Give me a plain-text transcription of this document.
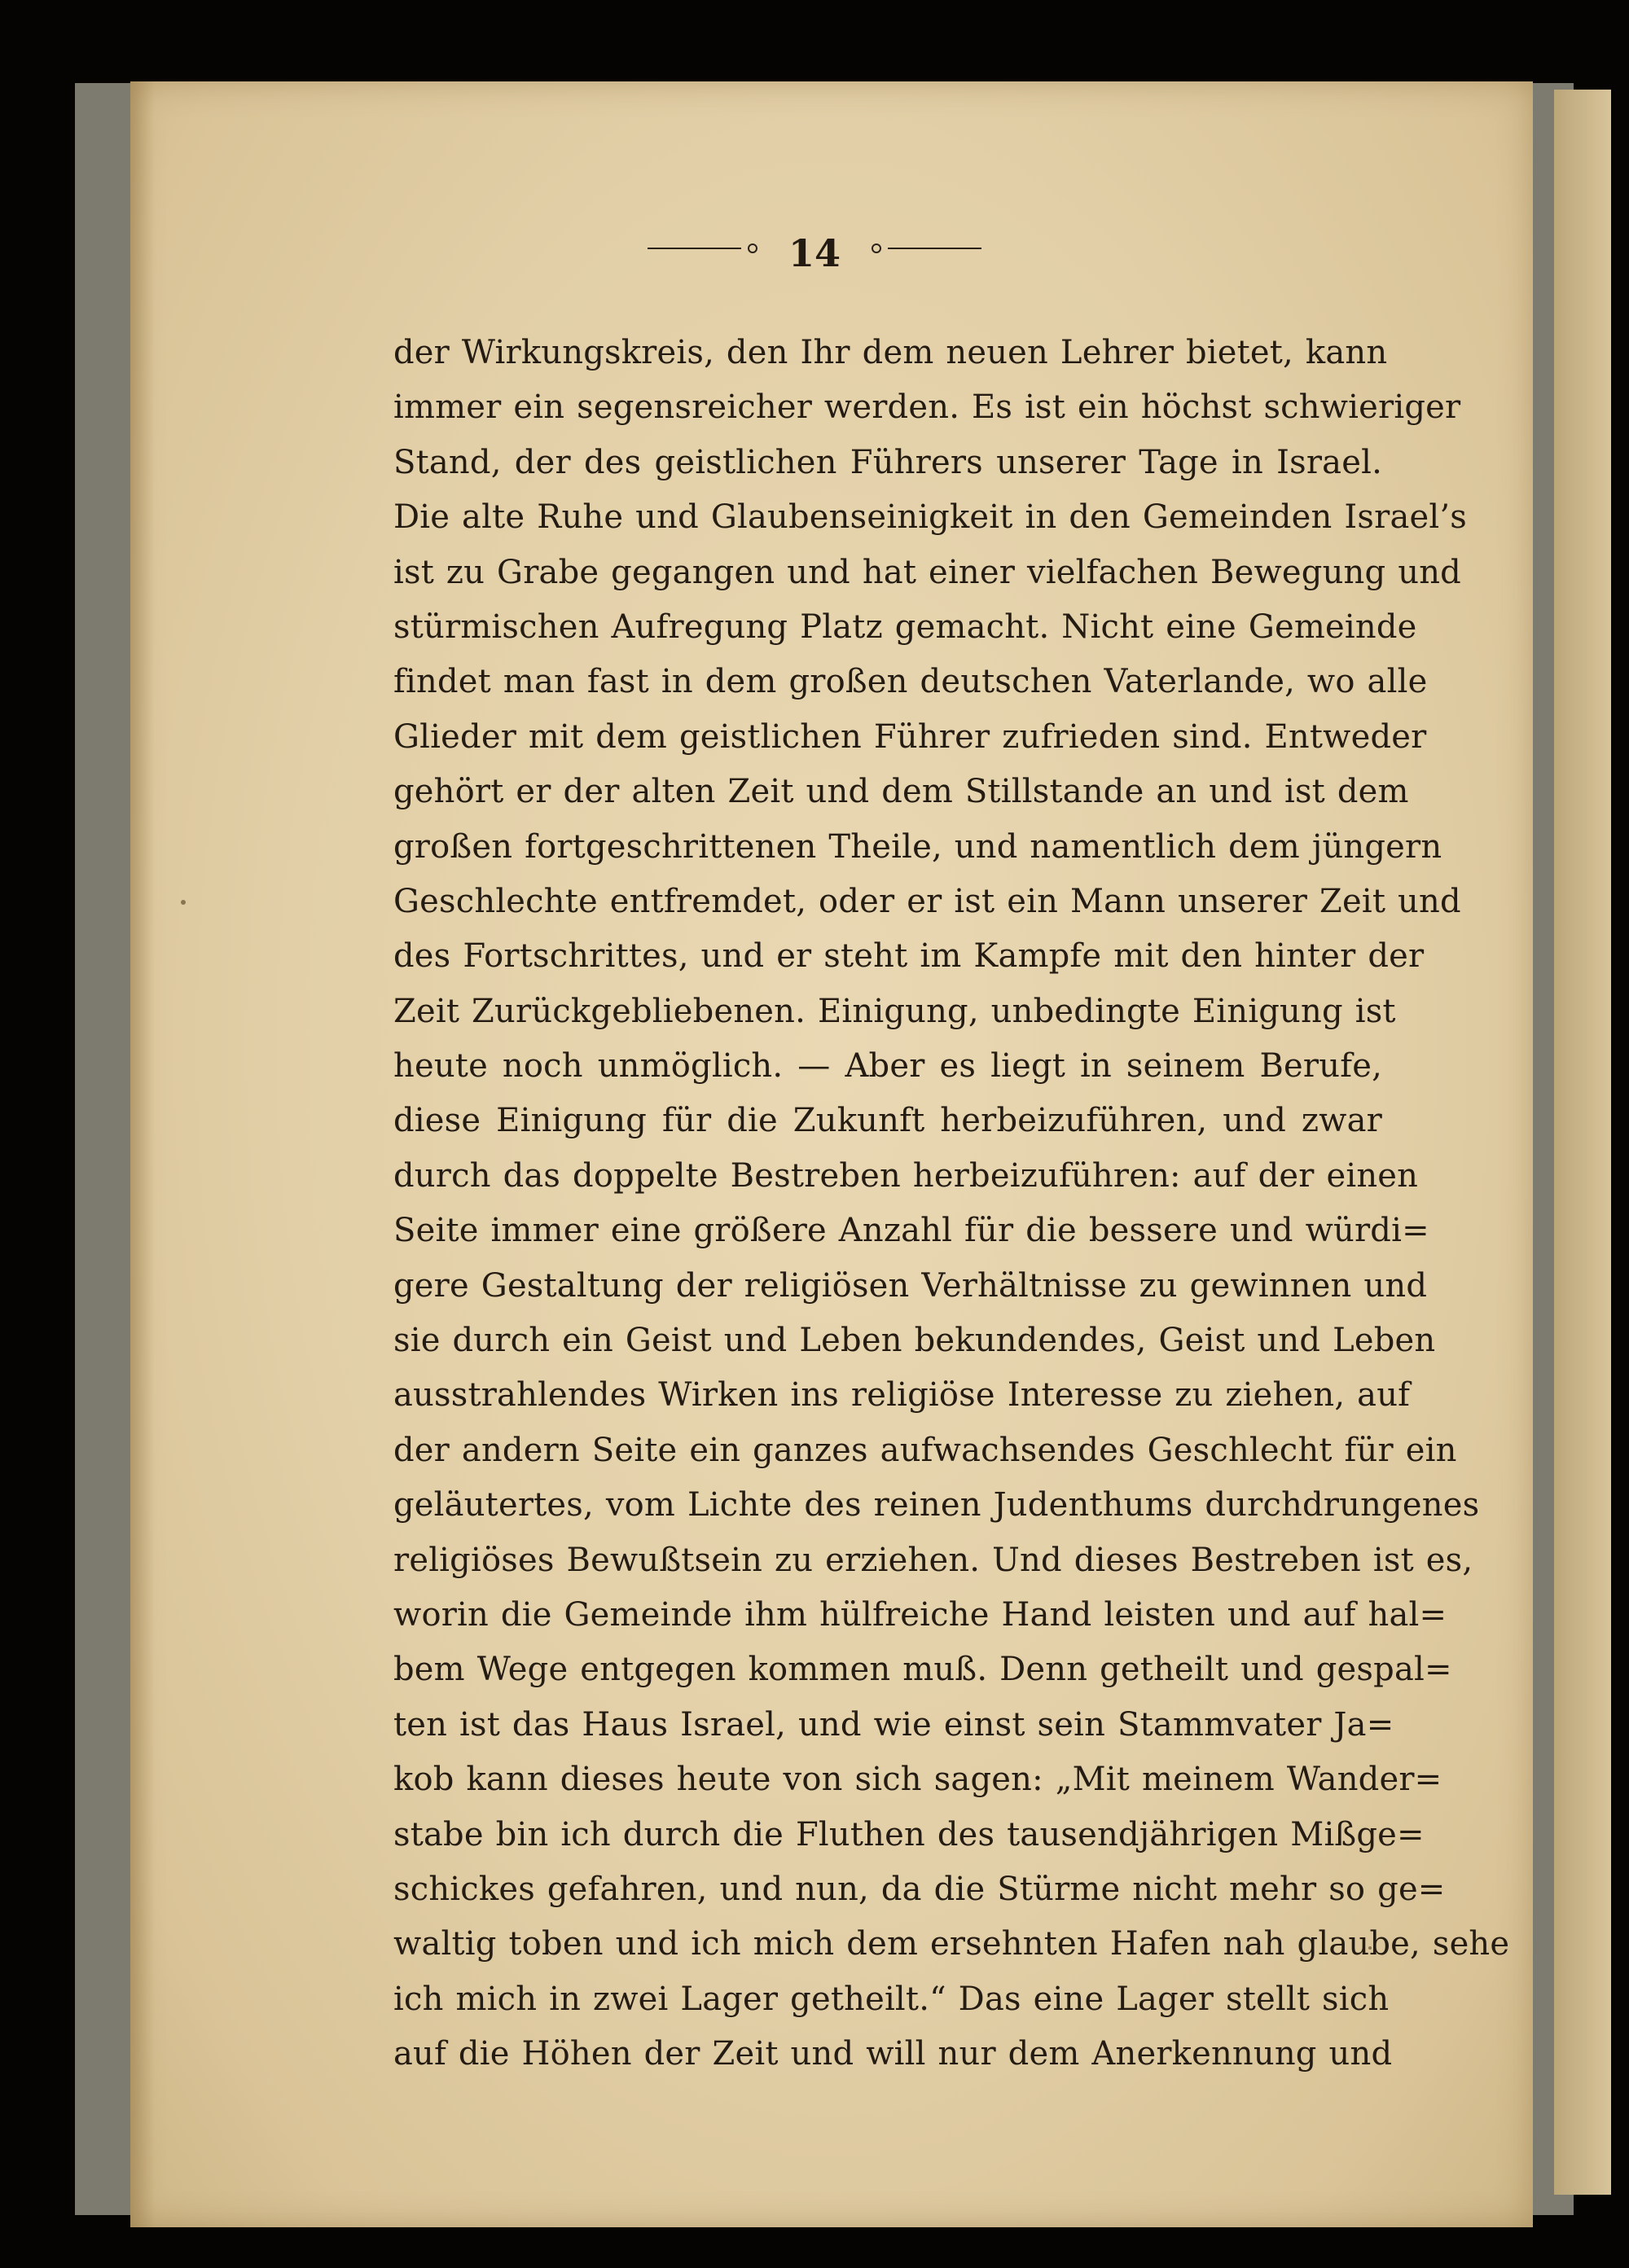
14
der Wirkungskreis, den Ihr dem neuen Lehrer bietet, kann
immer ein segensreicher werden. Es ist ein höchst schwieriger
Stand, der des geistlichen Führers unserer Tage in Israel.
Die alte Ruhe und Glaubenseinigkeit in den Gemeinden Israel’s
ist zu Grabe gegangen und hat einer vielfachen Bewegung und
stürmischen Aufregung Platz gemacht. Nicht eine Gemeinde
findet man fast in dem großen deutschen Vaterlande, wo alle
Glieder mit dem geistlichen Führer zufrieden sind. Entweder
gehört er der alten Zeit und dem Stillstande an und ist dem
großen fortgeschrittenen Theile, und namentlich dem jüngern
Geschlechte entfremdet, oder er ist ein Mann unserer Zeit und
des Fortschrittes, und er steht im Kampfe mit den hinter der
Zeit Zurückgebliebenen. Einigung, unbedingte Einigung ist
heute noch unmöglich. — Aber es liegt in seinem Berufe,
diese Einigung für die Zukunft herbeizuführen, und zwar
durch das doppelte Bestreben herbeizuführen: auf der einen
Seite immer eine größere Anzahl für die bessere und würdi=
gere Gestaltung der religiösen Verhältnisse zu gewinnen und
sie durch ein Geist und Leben bekundendes, Geist und Leben
ausstrahlendes Wirken ins religiöse Interesse zu ziehen, auf
der andern Seite ein ganzes aufwachsendes Geschlecht für ein
geläutertes, vom Lichte des reinen Judenthums durchdrungenes
religiöses Bewußtsein zu erziehen. Und dieses Bestreben ist es,
worin die Gemeinde ihm hülfreiche Hand leisten und auf hal=
bem Wege entgegen kommen muß. Denn getheilt und gespal=
ten ist das Haus Israel, und wie einst sein Stammvater Ja=
kob kann dieses heute von sich sagen: „Mit meinem Wander=
stabe bin ich durch die Fluthen des tausendjährigen Mißge=
schickes gefahren, und nun, da die Stürme nicht mehr so ge=
waltig toben und ich mich dem ersehnten Hafen nah glaube, sehe
ich mich in zwei Lager getheilt.“ Das eine Lager stellt sich
auf die Höhen der Zeit und will nur dem Anerkennung und
